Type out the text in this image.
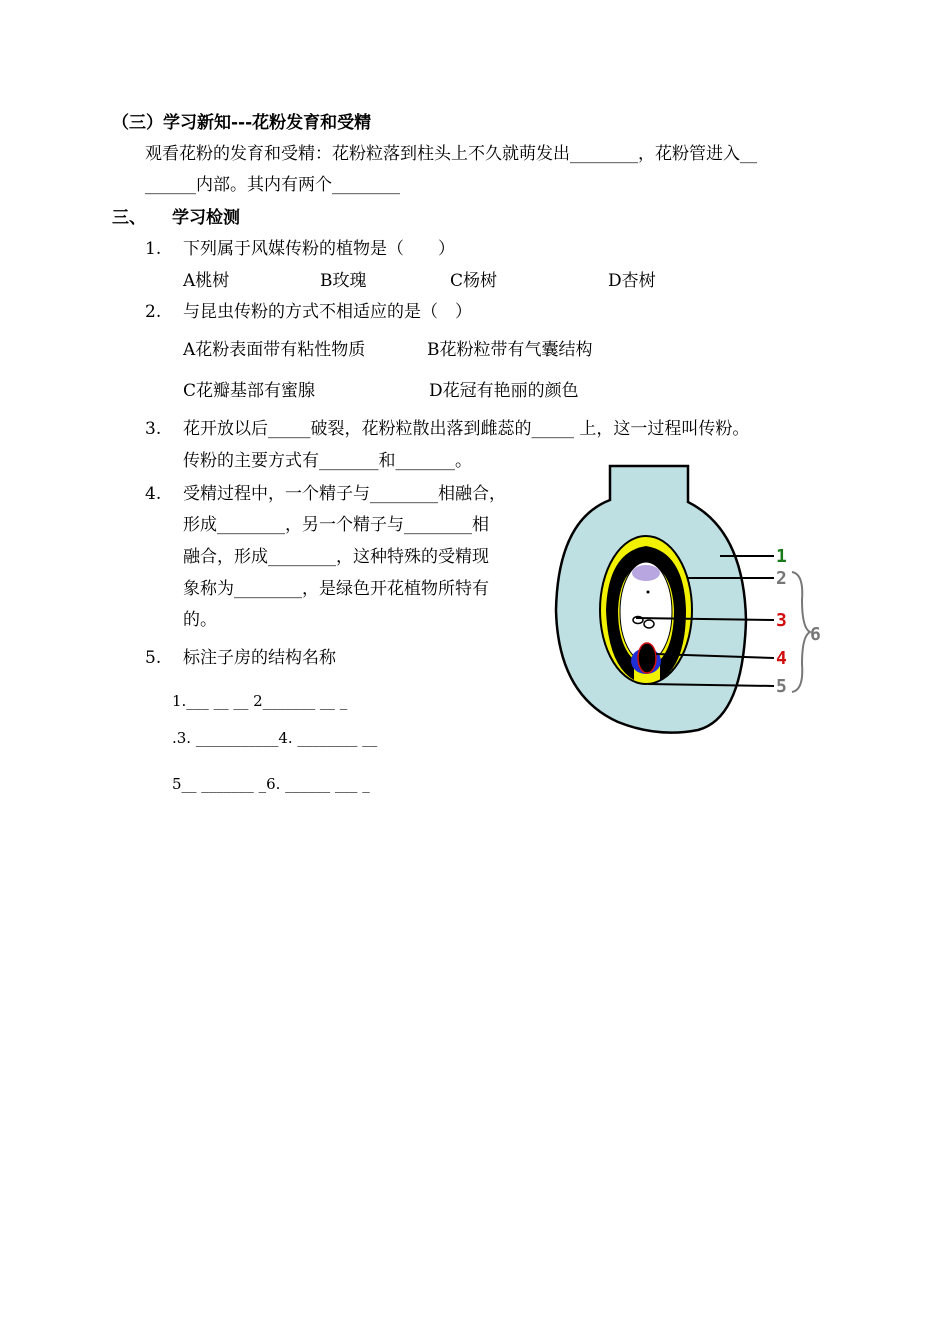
（三）学习新知---花粉发育和受精
观看花粉的发育和受精：花粉粒落到柱头上不久就萌发出________，花粉管进入__
______内部。其内有两个________
三、 学习检测
1. 下列属于风媒传粉的植物是（　　）
A桃树	B玫瑰	C杨树	D杏树
2. 与昆虫传粉的方式不相适应的是（　）
A花粉表面带有粘性物质	B花粉粒带有气囊结构
C花瓣基部有蜜腺	D花冠有艳丽的颜色
3. 花开放以后_____破裂，花粉粒散出落到雌蕊的_____ 上，这一过程叫传粉。
传粉的主要方式有_______和_______。
4. 受精过程中，一个精子与________相融合，
形成________，另一个精子与________相
融合，形成________，这种特殊的受精现
象称为________，是绿色开花植物所特有
的。
5. 标注子房的结构名称
1.___ __ __ 2_______ __ _
.3. ___________4. ________ __
5__ _______ _6. ______ ___ _
1
2
3
4
5
6
